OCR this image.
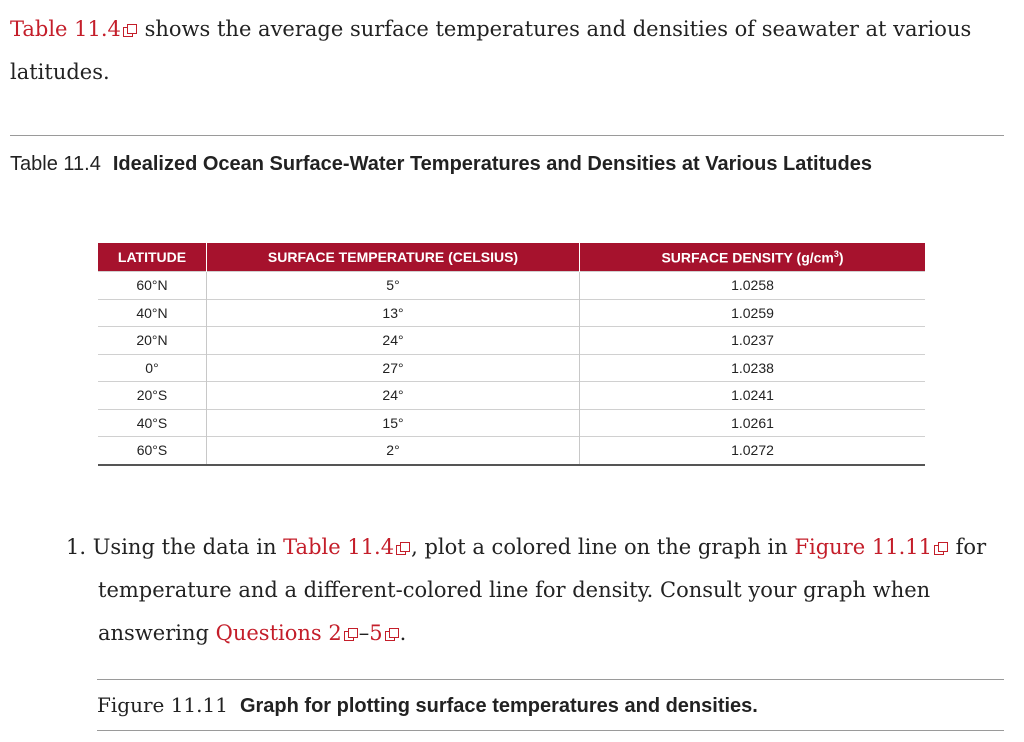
Table 11.4 shows the average surface temperatures and densities of seawater at various latitudes.

Table 11.4 Idealized Ocean Surface-Water Temperatures and Densities at Various Latitudes

LATITUDE	SURFACE TEMPERATURE (CELSIUS)	SURFACE DENSITY $(g/cm^3)$
60°N	5°	1.0258
40°N	13°	1.0259
20°N	24°	1.0237
0°	27°	1.0238
20°S	24°	1.0241
40°S	15°	1.0261
60°S	2°	1.0272

1. Using the data in Table 11.4 , plot a colored line on the graph in Figure 11.11 for temperature and a different-colored line for density. Consult your graph when answering Questions 2 –5 .

Figure 11.11 Graph for plotting surface temperatures and densities.
